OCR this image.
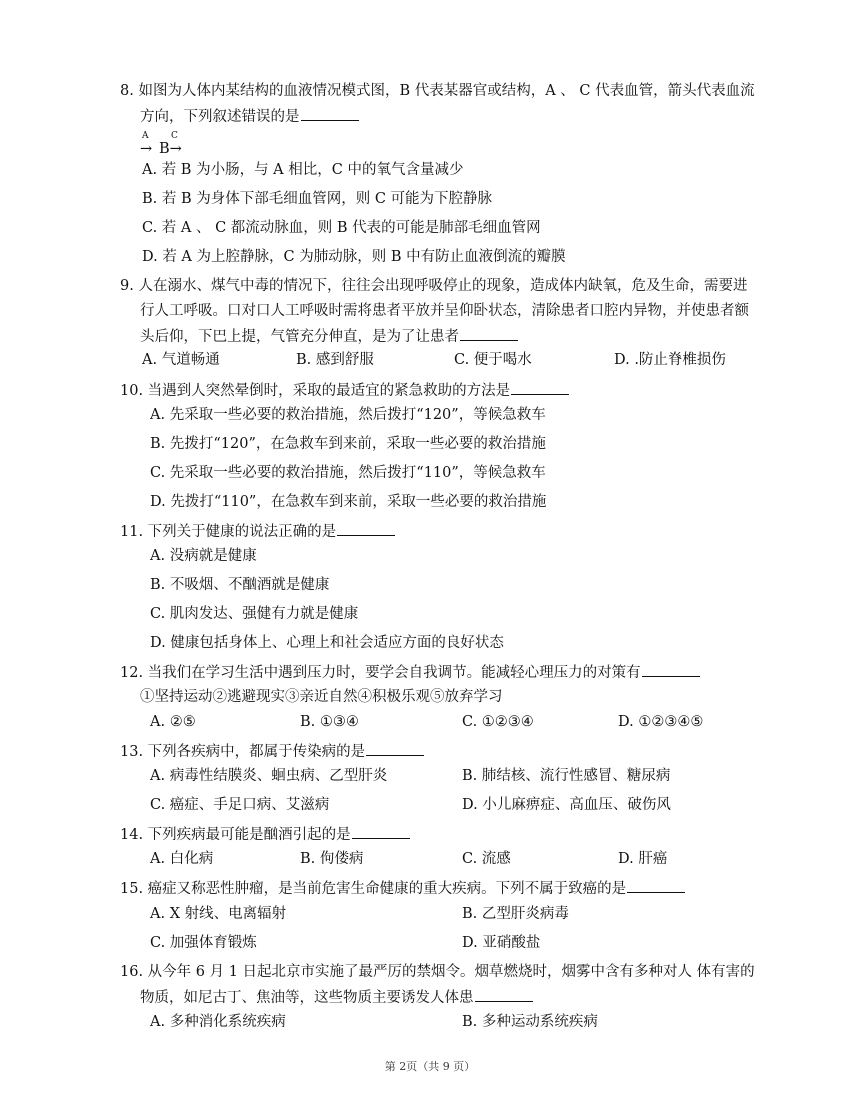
8. 如图为人体内某结构的血液情况模式图，B 代表某器官或结构，A 、 C 代表血管，箭头代表血流
方向，下列叙述错误的是
A	C
→ B→
A. 若 B 为小肠，与 A 相比，C 中的氧气含量减少
B. 若 B 为身体下部毛细血管网，则 C 可能为下腔静脉
C. 若 A 、 C 都流动脉血，则 B 代表的可能是肺部毛细血管网
D. 若 A 为上腔静脉，C 为肺动脉，则 B 中有防止血液倒流的瓣膜
9. 人在溺水、煤气中毒的情况下，往往会出现呼吸停止的现象，造成体内缺氧，危及生命，需要进
行人工呼吸。口对口人工呼吸时需将患者平放并呈仰卧状态，清除患者口腔内异物，并使患者额
头后仰，下巴上提，气管充分伸直，是为了让患者
A. 气道畅通	B. 感到舒服	C. 便于喝水	D. .防止脊椎损伤
10. 当遇到人突然晕倒时，采取的最适宜的紧急救助的方法是
A. 先采取一些必要的救治措施，然后拨打“120”，等候急救车
B. 先拨打“120”，在急救车到来前，采取一些必要的救治措施
C. 先采取一些必要的救治措施，然后拨打“110”，等候急救车
D. 先拨打“110”，在急救车到来前，采取一些必要的救治措施
11. 下列关于健康的说法正确的是
A. 没病就是健康
B. 不吸烟、不酗酒就是健康
C. 肌肉发达、强健有力就是健康
D. 健康包括身体上、心理上和社会适应方面的良好状态
12. 当我们在学习生活中遇到压力时，要学会自我调节。能减轻心理压力的对策有
①坚持运动②逃避现实③亲近自然④积极乐观⑤放弃学习
A. ②⑤	B. ①③④	C. ①②③④	D. ①②③④⑤
13. 下列各疾病中，都属于传染病的是
A. 病毒性结膜炎、蛔虫病、乙型肝炎	B. 肺结核、流行性感冒、糖尿病
C. 癌症、手足口病、艾滋病	D. 小儿麻痹症、高血压、破伤风
14. 下列疾病最可能是酗酒引起的是
A. 白化病	B. 佝偻病	C. 流感	D. 肝癌
15. 癌症又称恶性肿瘤，是当前危害生命健康的重大疾病。下列不属于致癌的是
A. X 射线、电离辐射	B. 乙型肝炎病毒
C. 加强体育锻炼	D. 亚硝酸盐
16. 从今年 6 月 1 日起北京市实施了最严厉的禁烟令。烟草燃烧时，烟雾中含有多种对人 体有害的
物质，如尼古丁、焦油等，这些物质主要诱发人体患
A. 多种消化系统疾病	B. 多种运动系统疾病
第 2页（共 9 页）
